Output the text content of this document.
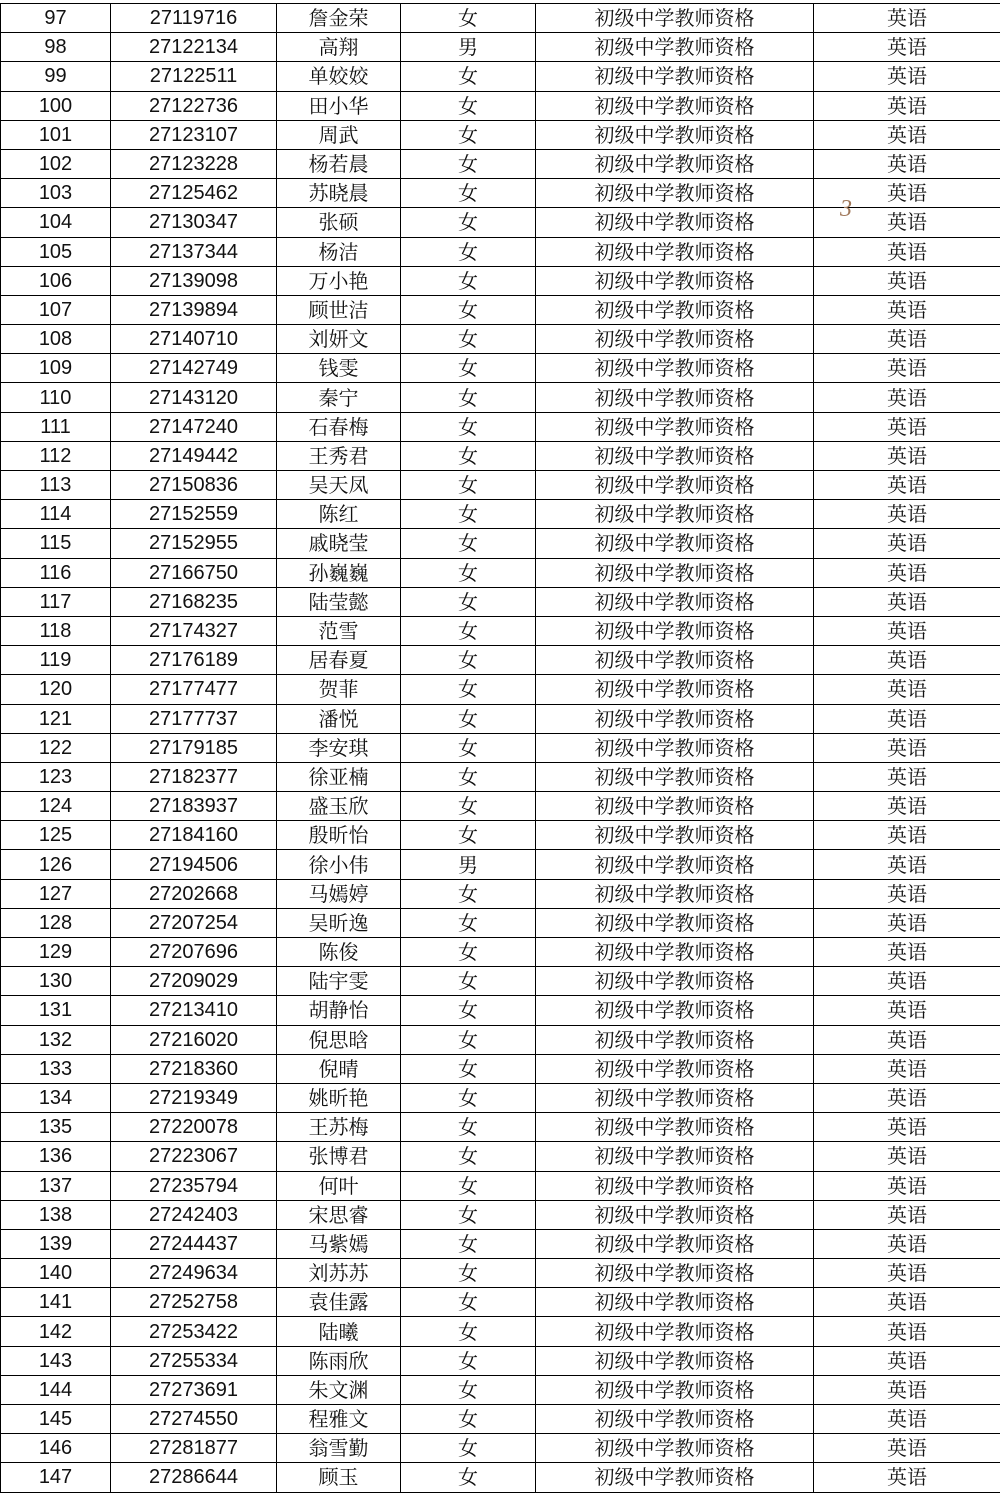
97	27119716	詹金荣	女	初级中学教师资格	英语
98	27122134	高翔	男	初级中学教师资格	英语
99	27122511	单姣姣	女	初级中学教师资格	英语
100	27122736	田小华	女	初级中学教师资格	英语
101	27123107	周武	女	初级中学教师资格	英语
102	27123228	杨若晨	女	初级中学教师资格	英语
103	27125462	苏晓晨	女	初级中学教师资格	英语
104	27130347	张硕	女	初级中学教师资格	英语
105	27137344	杨洁	女	初级中学教师资格	英语
106	27139098	万小艳	女	初级中学教师资格	英语
107	27139894	顾世洁	女	初级中学教师资格	英语
108	27140710	刘妍文	女	初级中学教师资格	英语
109	27142749	钱雯	女	初级中学教师资格	英语
110	27143120	秦宁	女	初级中学教师资格	英语
111	27147240	石春梅	女	初级中学教师资格	英语
112	27149442	王秀君	女	初级中学教师资格	英语
113	27150836	吴天凤	女	初级中学教师资格	英语
114	27152559	陈红	女	初级中学教师资格	英语
115	27152955	戚晓莹	女	初级中学教师资格	英语
116	27166750	孙巍巍	女	初级中学教师资格	英语
117	27168235	陆莹懿	女	初级中学教师资格	英语
118	27174327	范雪	女	初级中学教师资格	英语
119	27176189	居春夏	女	初级中学教师资格	英语
120	27177477	贺菲	女	初级中学教师资格	英语
121	27177737	潘悦	女	初级中学教师资格	英语
122	27179185	李安琪	女	初级中学教师资格	英语
123	27182377	徐亚楠	女	初级中学教师资格	英语
124	27183937	盛玉欣	女	初级中学教师资格	英语
125	27184160	殷昕怡	女	初级中学教师资格	英语
126	27194506	徐小伟	男	初级中学教师资格	英语
127	27202668	马嫣婷	女	初级中学教师资格	英语
128	27207254	吴昕逸	女	初级中学教师资格	英语
129	27207696	陈俊	女	初级中学教师资格	英语
130	27209029	陆宇雯	女	初级中学教师资格	英语
131	27213410	胡静怡	女	初级中学教师资格	英语
132	27216020	倪思晗	女	初级中学教师资格	英语
133	27218360	倪晴	女	初级中学教师资格	英语
134	27219349	姚昕艳	女	初级中学教师资格	英语
135	27220078	王苏梅	女	初级中学教师资格	英语
136	27223067	张博君	女	初级中学教师资格	英语
137	27235794	何叶	女	初级中学教师资格	英语
138	27242403	宋思睿	女	初级中学教师资格	英语
139	27244437	马紫嫣	女	初级中学教师资格	英语
140	27249634	刘苏苏	女	初级中学教师资格	英语
141	27252758	袁佳露	女	初级中学教师资格	英语
142	27253422	陆曦	女	初级中学教师资格	英语
143	27255334	陈雨欣	女	初级中学教师资格	英语
144	27273691	朱文渊	女	初级中学教师资格	英语
145	27274550	程雅文	女	初级中学教师资格	英语
146	27281877	翁雪勤	女	初级中学教师资格	英语
147	27286644	顾玉	女	初级中学教师资格	英语
3
